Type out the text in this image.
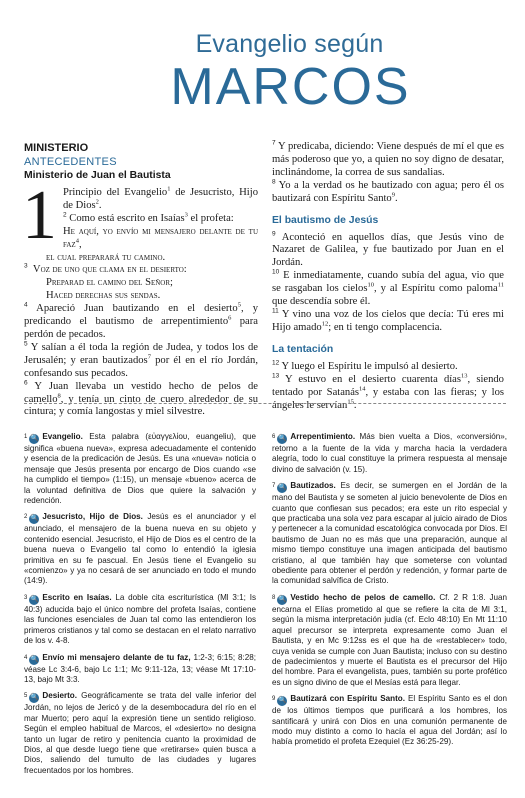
Evangelio según
MARCOS

MINISTERIO

ANTECEDENTES

Ministerio de Juan el Bautista

1 Principio del Evangelio$^1$ de Jesucristo, Hijo de Dios$^2$.
$^2$ Como está escrito en Isaías$^3$ el profeta:

He aquí, yo envío mi mensajero delante de tu faz$^4$,

el cual preparará tu camino.

$^3$ Voz de uno que clama en el desierto:

Preparad el camino del Señor;

Haced derechas sus sendas.

$^4$ Apareció Juan bautizando en el desierto$^5$, y predicando el bautismo de arrepentimiento$^6$ para perdón de pecados.

$^5$ Y salían a él toda la región de Judea, y todos los de Jerusalén; y eran bautizados$^7$ por él en el río Jordán, confesando sus pecados.

$^6$ Y Juan llevaba un vestido hecho de pelos de camello$^8$, y tenía un cinto de cuero alrededor de su cintura; y comía langostas y miel silvestre.

$^7$ Y predicaba, diciendo: Viene después de mí el que es más poderoso que yo, a quien no soy digno de desatar, inclinándome, la correa de sus sandalias.

$^8$ Yo a la verdad os he bautizado con agua; pero él os bautizará con Espíritu Santo$^9$.

El bautismo de Jesús

$^9$ Aconteció en aquellos días, que Jesús vino de Nazaret de Galilea, y fue bautizado por Juan en el Jordán.

$^{10}$ E inmediatamente, cuando subía del agua, vio que se rasgaban los cielos$^{10}$, y al Espíritu como paloma$^{11}$ que descendía sobre él.

$^{11}$ Y vino una voz de los cielos que decía: Tú eres mi Hijo amado$^{12}$; en ti tengo complacencia.

La tentación

$^{12}$ Y luego el Espíritu le impulsó al desierto.

$^{13}$ Y estuvo en el desierto cuarenta días$^{13}$, siendo tentado por Satanás$^{14}$, y estaba con las fieras; y los ángeles le servían$^{15}$.

$^1$ 🔍 Evangelio. Esta palabra (εὐαγγελίου, euangeliu), que significa «buena nueva», expresa adecuadamente el contenido y esencia de la predicación de Jesús. Es una «nueva» noticia o mensaje que Jesús presenta por encargo de Dios cuando «se ha cumplido el tiempo» (1:15), un mensaje «bueno» acerca de la voluntad definitiva de Dios que quiere la salvación y redención.

$^2$ 🔍 Jesucristo, Hijo de Dios. Jesús es el anunciador y el anunciado, el mensajero de la buena nueva en su objeto y contenido esencial. Jesucristo, el Hijo de Dios es el centro de la buena nueva o Evangelio tal como lo entendió la iglesia primitiva en su fe pascual. En Jesús tiene el Evangelio su «comienzo» y ya no cesará de ser anunciado en todo el mundo (14:9).

$^3$ 🔍 Escrito en Isaías. La doble cita escriturística (Ml 3:1; Is 40:3) aducida bajo el único nombre del profeta Isaías, contiene las funciones esenciales de Juan tal como las entendieron los primeros cristianos y tal como se destacan en el relato narrativo de los v. 4-8.

$^4$ 🔍 Envío mi mensajero delante de tu faz, 1:2-3; 6:15; 8:28; véase Lc 3:4-6, bajo Lc 1:1; Mc 9:11-12a, 13; véase Mt 17:10-13, bajo Mt 3:3.

$^5$ 🔍 Desierto. Geográficamente se trata del valle inferior del Jordán, no lejos de Jericó y de la desembocadura del río en el mar Muerto; pero aquí la expresión tiene un sentido religioso. Según el empleo habitual de Marcos, el «desierto» no designa tanto un lugar de retiro y penitencia cuanto la proximidad de Dios, al que desde luego tiene que «retirarse» quien busca a Dios, saliendo del tumulto de las ciudades y lugares frecuentados por los hombres.

$^6$ 🔍 Arrepentimiento. Más bien vuelta a Dios, «conversión», retorno a la fuente de la vida y marcha hacia la verdadera alegría, todo lo cual constituye la primera respuesta al mensaje divino de salvación (v. 15).

$^7$ 🔍 Bautizados. Es decir, se sumergen en el Jordán de la mano del Bautista y se someten al juicio benevolente de Dios en cuanto que confiesan sus pecados; era este un rito especial y que practicaba una sola vez para escapar al juicio airado de Dios y pertenecer a la comunidad escatológica convocada por Dios. El bautismo de Juan no es más que una preparación, aunque al mismo tiempo constituye una imagen anticipada del bautismo cristiano, al que también hay que someterse con voluntad obediente para obtener el perdón y redención, y formar parte de la comunidad salvífica de Cristo.

$^8$ 🔍 Vestido hecho de pelos de camello. Cf. 2 R 1:8. Juan encarna el Elías prometido al que se refiere la cita de Ml 3:1, según la misma interpretación judía (cf. Eclo 48:10) En Mt 11:10 aquel precursor se interpreta expresamente como Juan el Bautista, y en Mc 9:12ss es el que ha de «restablecer» todo, cuya venida se cumple con Juan Bautista; incluso con su destino de padecimientos y muerte el Bautista es el precursor del Hijo del hombre. Para el evangelista, pues, también su porte profético es un signo divino de que el Mesías está para llegar.

$^9$ 🔍 Bautizará con Espíritu Santo. El Espíritu Santo es el don de los últimos tiempos que purificará a los hombres, los santificará y unirá con Dios en una comunión permanente de modo muy distinto a como lo hacía el agua del Jordán; así lo había prometido el profeta Ezequiel (Ez 36:25-29).
